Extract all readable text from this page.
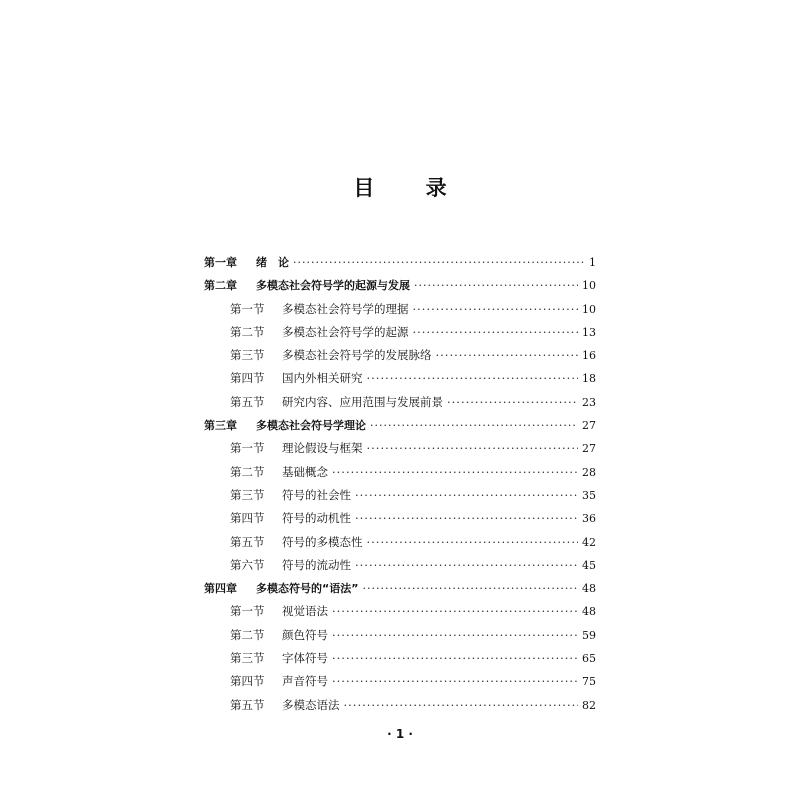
目 录
第一章	绪　论 ·····	1
第二章	多模态社会符号学的起源与发展 ·····	10
第一节	多模态社会符号学的理据 ·····	10
第二节	多模态社会符号学的起源 ·····	13
第三节	多模态社会符号学的发展脉络 ·····	16
第四节	国内外相关研究 ·····	18
第五节	研究内容、应用范围与发展前景 ·····	23
第三章	多模态社会符号学理论 ·····	27
第一节	理论假设与框架 ·····	27
第二节	基础概念 ·····	28
第三节	符号的社会性 ·····	35
第四节	符号的动机性 ·····	36
第五节	符号的多模态性 ·····	42
第六节	符号的流动性 ·····	45
第四章	多模态符号的“语法” ·····	48
第一节	视觉语法 ·····	48
第二节	颜色符号 ·····	59
第三节	字体符号 ·····	65
第四节	声音符号 ·····	75
第五节	多模态语法 ·····	82
· 1 ·
